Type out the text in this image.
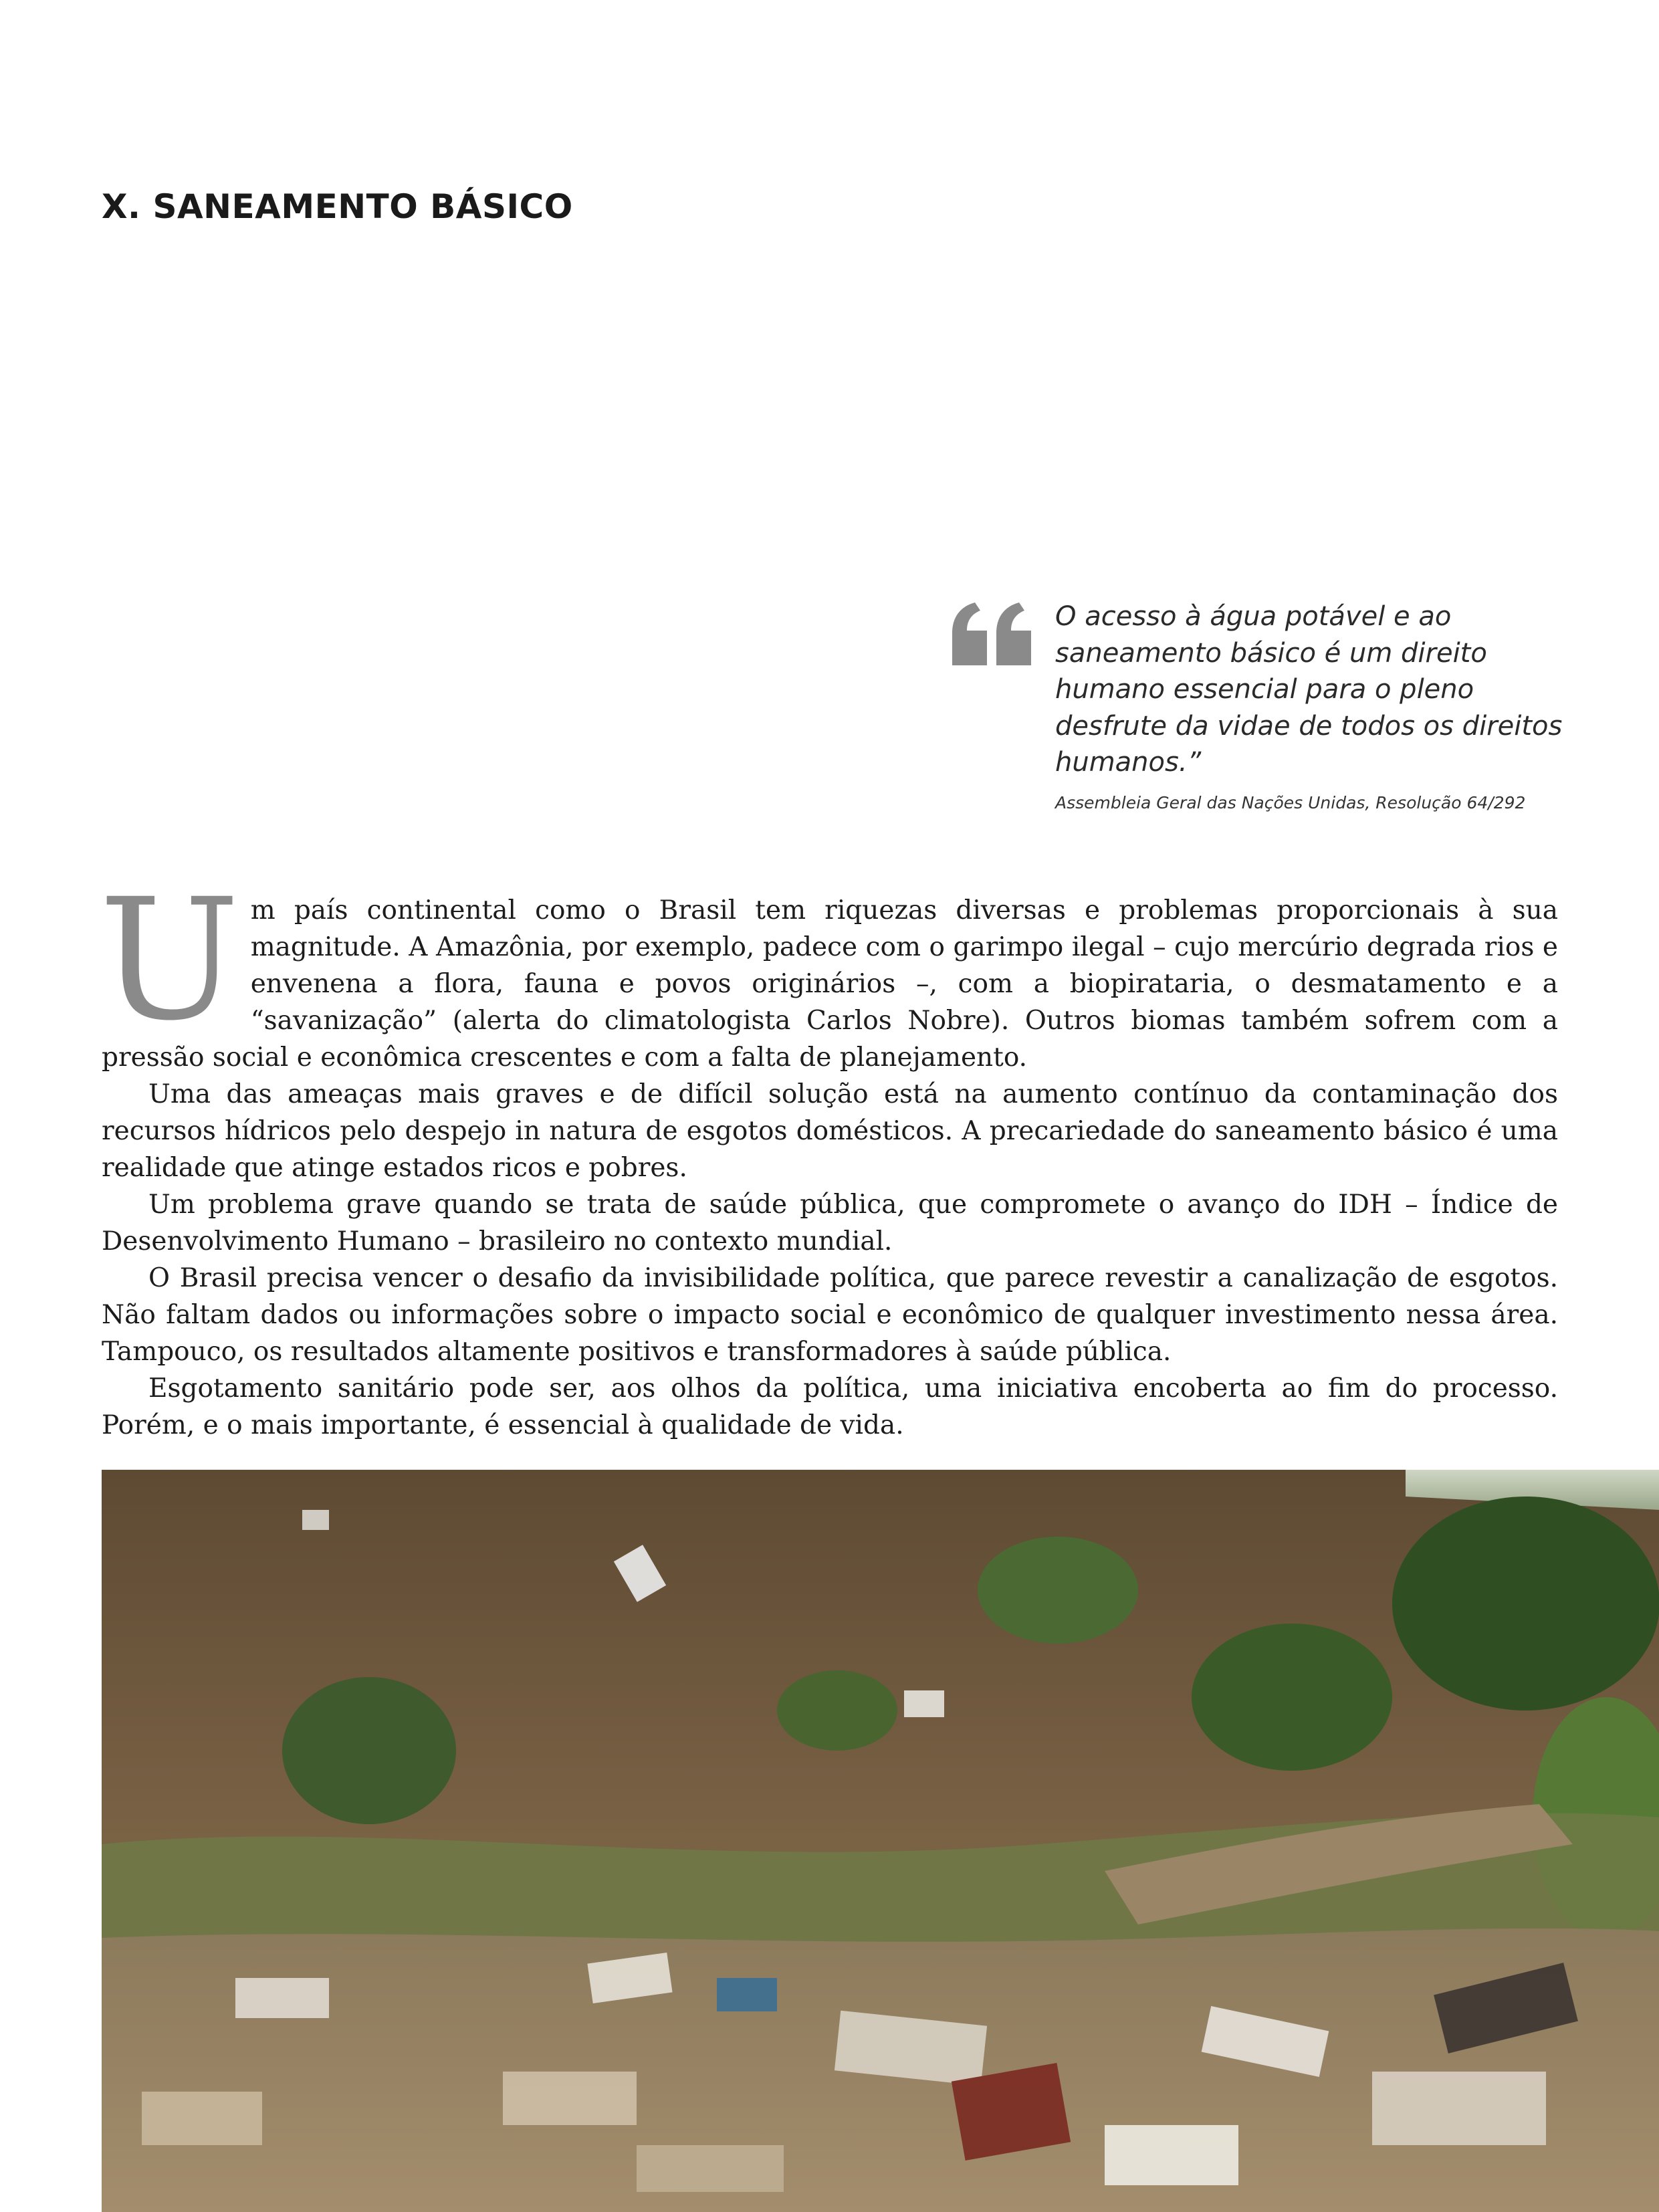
X. SANEAMENTO BÁSICO

O acesso à água potável e ao saneamento básico é um direito humano essencial para o pleno desfrute da vidae de todos os direitos humanos.”

Assembleia Geral das Nações Unidas, Resolução 64/292

Um país continental como o Brasil tem riquezas diversas e problemas proporcionais à sua magnitude. A Amazônia, por exemplo, padece com o garimpo ilegal – cujo mercúrio degrada rios e envenena a flora, fauna e povos originários –, com a biopirataria, o desmatamento e a “savanização” (alerta do climatologista Carlos Nobre). Outros biomas também sofrem com a pressão social e econômica crescentes e com a falta de planejamento.

Uma das ameaças mais graves e de difícil solução está na aumento contínuo da contaminação dos recursos hídricos pelo despejo in natura de esgotos domésticos. A precariedade do saneamento básico é uma realidade que atinge estados ricos e pobres.

Um problema grave quando se trata de saúde pública, que compromete o avanço do IDH – Índice de Desenvolvimento Humano – brasileiro no contexto mundial.

O Brasil precisa vencer o desafio da invisibilidade política, que parece revestir a canalização de esgotos. Não faltam dados ou informações sobre o impacto social e econômico de qualquer investimento nessa área. Tampouco, os resultados altamente positivos e transformadores à saúde pública.

Esgotamento sanitário pode ser, aos olhos da política, uma iniciativa encoberta ao fim do processo. Porém, e o mais importante, é essencial à qualidade de vida.
